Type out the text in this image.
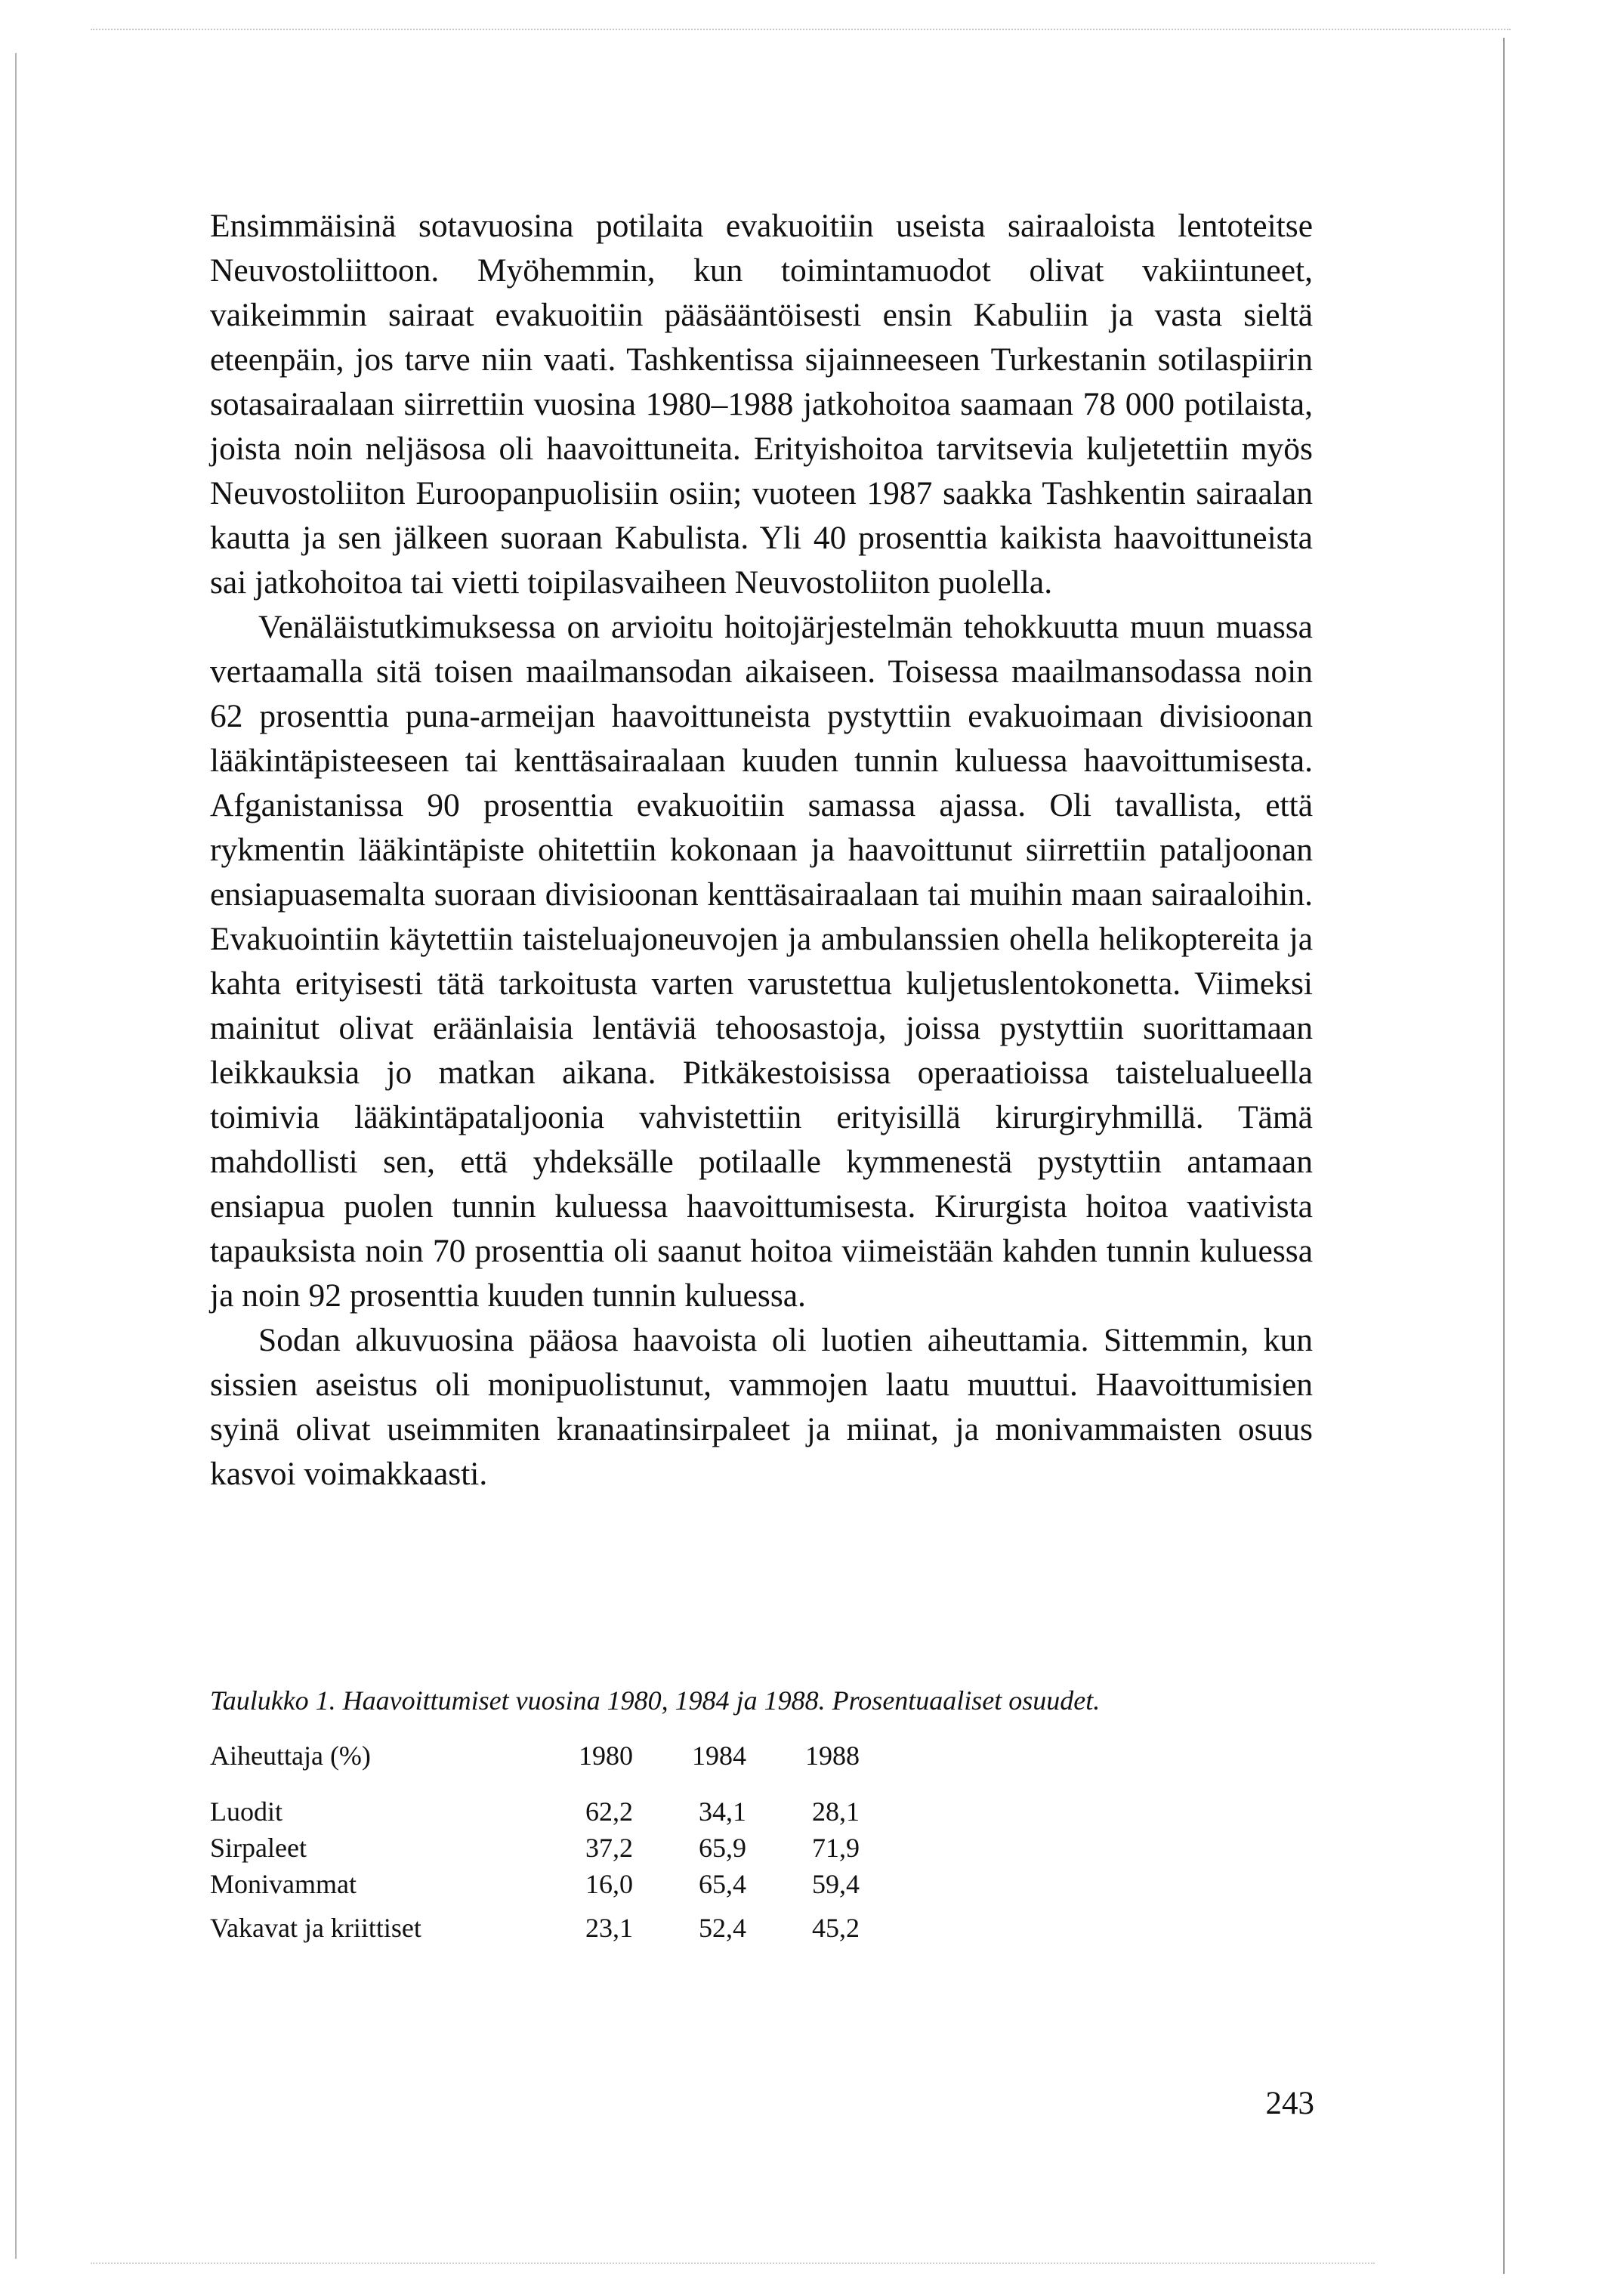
Ensimmäisinä sotavuosina potilaita evakuoitiin useista sairaaloista lentoteitse Neuvostoliittoon. Myöhemmin, kun toimintamuodot olivat vakiintuneet, vaikeimmin sairaat evakuoitiin pääsääntöisesti ensin Kabuliin ja vasta sieltä eteenpäin, jos tarve niin vaati. Tashkentissa sijainneeseen Turkestanin sotilaspiirin sotasairaalaan siirrettiin vuosina 1980–1988 jatkohoitoa saamaan 78 000 potilaista, joista noin neljäsosa oli haavoittuneita. Erityishoitoa tarvitsevia kuljetettiin myös Neuvostoliiton Euroopanpuolisiin osiin; vuoteen 1987 saakka Tashkentin sairaalan kautta ja sen jälkeen suoraan Kabulista. Yli 40 prosenttia kaikista haavoittuneista sai jatkohoitoa tai vietti toipilasvaiheen Neuvostoliiton puolella.

Venäläistutkimuksessa on arvioitu hoitojärjestelmän tehokkuutta muun muassa vertaamalla sitä toisen maailmansodan aikaiseen. Toisessa maailmansodassa noin 62 prosenttia puna-armeijan haavoittuneista pystyttiin evakuoimaan divisioonan lääkintäpisteeseen tai kenttäsairaalaan kuuden tunnin kuluessa haavoittumisesta. Afganistanissa 90 prosenttia evakuoitiin samassa ajassa. Oli tavallista, että rykmentin lääkintäpiste ohitettiin kokonaan ja haavoittunut siirrettiin pataljoonan ensiapuasemalta suoraan divisioonan kenttäsairaalaan tai muihin maan sairaaloihin. Evakuointiin käytettiin taisteluajoneuvojen ja ambulanssien ohella helikoptereita ja kahta erityisesti tätä tarkoitusta varten varustettua kuljetuslentokonetta. Viimeksi mainitut olivat eräänlaisia lentäviä tehoosastoja, joissa pystyttiin suorittamaan leikkauksia jo matkan aikana. Pitkäkestoisissa operaatioissa taistelualueella toimivia lääkintäpataljoonia vahvistettiin erityisillä kirurgiryhmillä. Tämä mahdollisti sen, että yhdeksälle potilaalle kymmenestä pystyttiin antamaan ensiapua puolen tunnin kuluessa haavoittumisesta. Kirurgista hoitoa vaativista tapauksista noin 70 prosenttia oli saanut hoitoa viimeistään kahden tunnin kuluessa ja noin 92 prosenttia kuuden tunnin kuluessa.

Sodan alkuvuosina pääosa haavoista oli luotien aiheuttamia. Sittemmin, kun sissien aseistus oli monipuolistunut, vammojen laatu muuttui. Haavoittumisien syinä olivat useimmiten kranaatinsirpaleet ja miinat, ja monivammaisten osuus kasvoi voimakkaasti.

Taulukko 1. Haavoittumiset vuosina 1980, 1984 ja 1988. Prosentuaaliset osuudet.

Aiheuttaja (%)	1980	1984	1988
Luodit	62,2	34,1	28,1
Sirpaleet	37,2	65,9	71,9
Monivammat	16,0	65,4	59,4
Vakavat ja kriittiset	23,1	52,4	45,2
243
